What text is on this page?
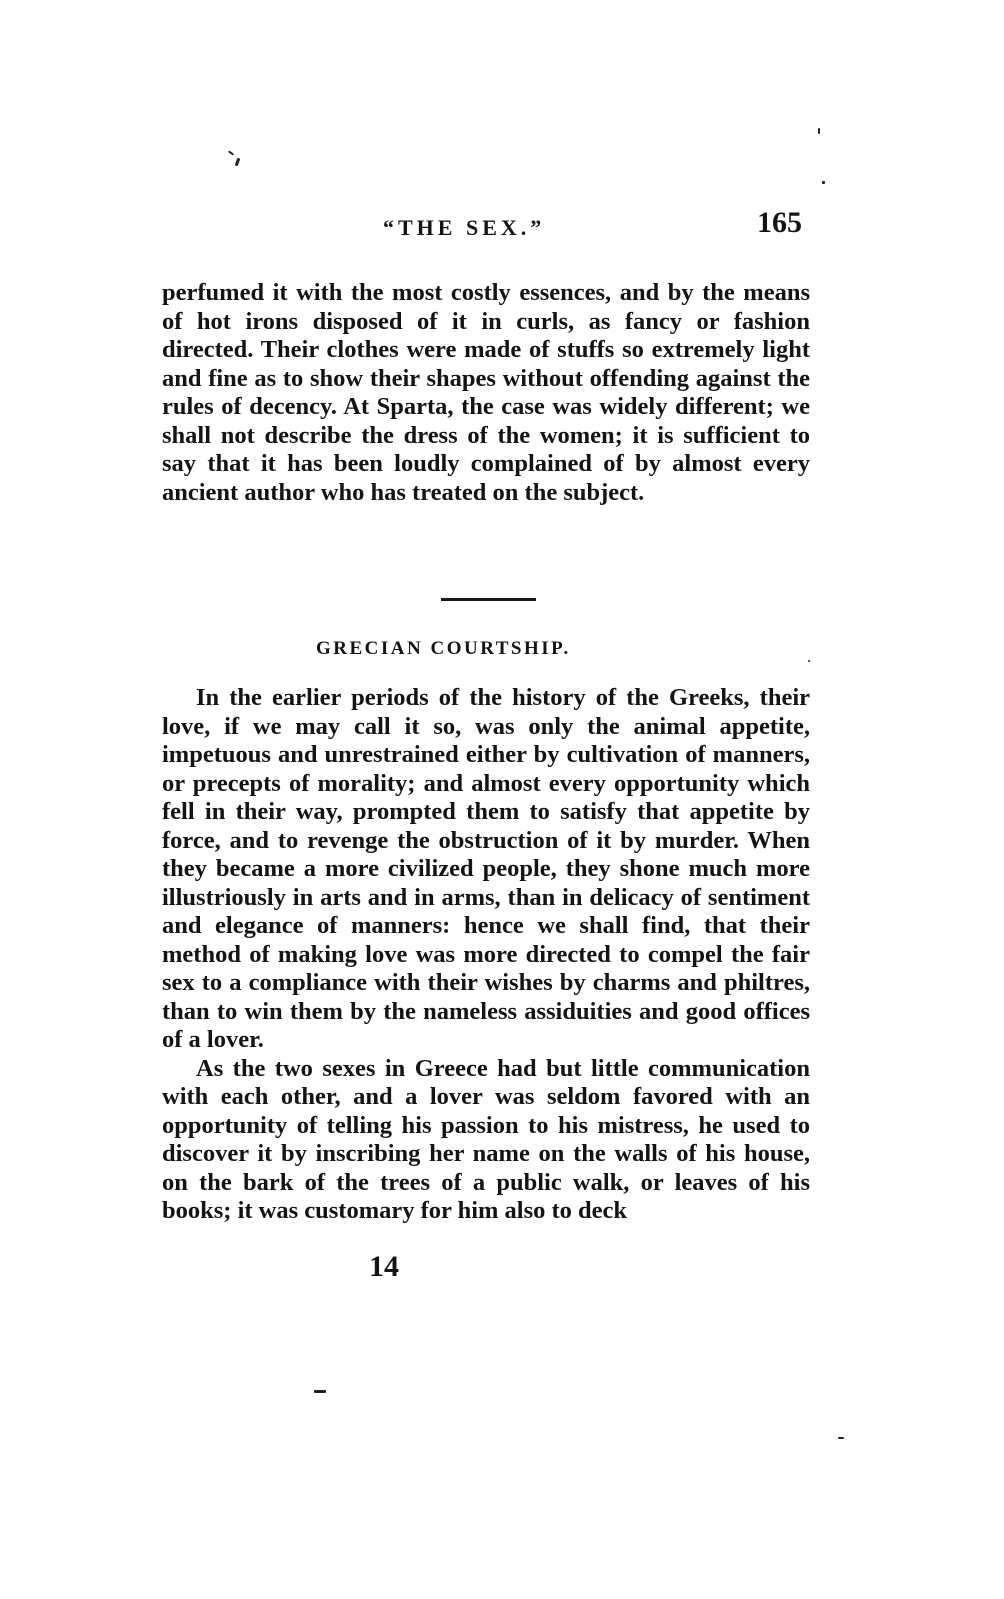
“THE SEX.”	165

perfumed it with the most costly essences, and by the means of hot irons disposed of it in curls, as fancy or fashion directed. Their clothes were made of stuffs so extremely light and fine as to show their shapes without offending against the rules of decency. At Sparta, the case was widely different; we shall not describe the dress of the women; it is sufficient to say that it has been loudly complained of by almost every ancient author who has treated on the subject.

GRECIAN COURTSHIP.

In the earlier periods of the history of the Greeks, their love, if we may call it so, was only the animal appetite, impetuous and unrestrained either by cultivation of manners, or precepts of morality; and almost every opportunity which fell in their way, prompted them to satisfy that appetite by force, and to revenge the obstruction of it by murder. When they became a more civilized people, they shone much more illustriously in arts and in arms, than in delicacy of sentiment and elegance of manners: hence we shall find, that their method of making love was more directed to compel the fair sex to a compliance with their wishes by charms and philtres, than to win them by the nameless assiduities and good offices of a lover.

As the two sexes in Greece had but little communication with each other, and a lover was seldom favored with an opportunity of telling his passion to his mistress, he used to discover it by inscribing her name on the walls of his house, on the bark of the trees of a public walk, or leaves of his books; it was customary for him also to deck

14
